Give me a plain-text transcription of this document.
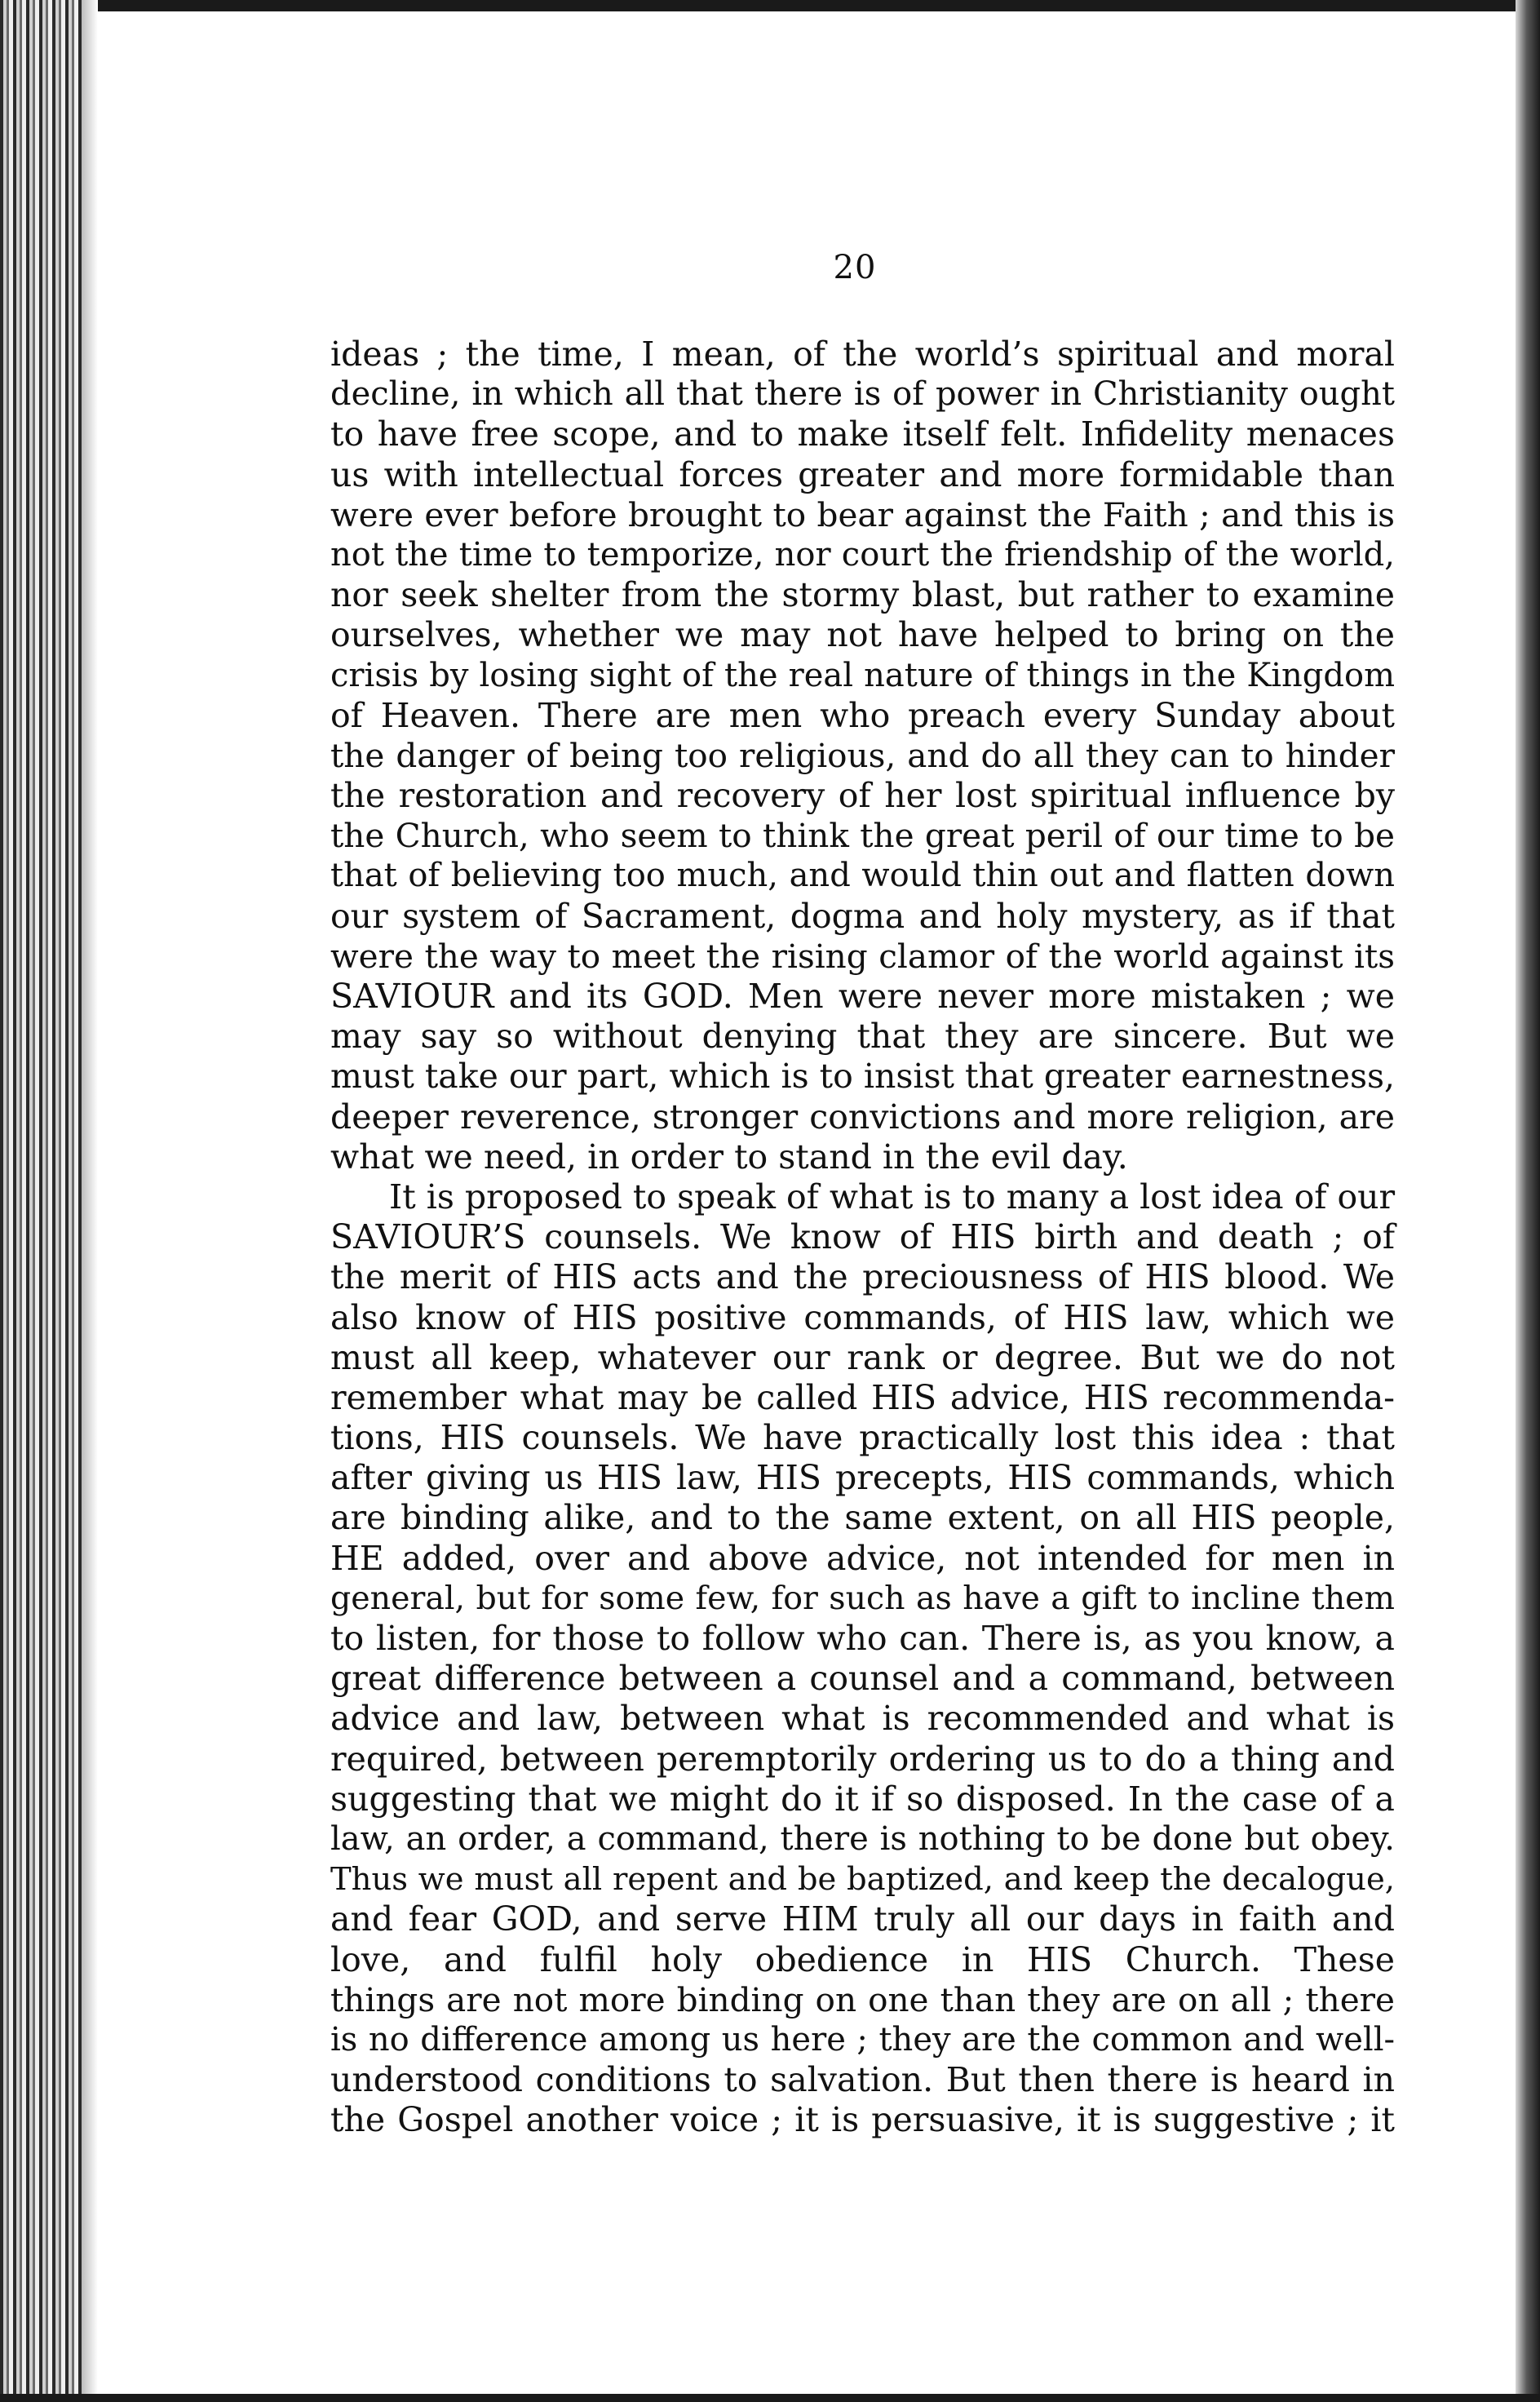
20
ideas ; the time, I mean, of the world’s spiritual and moral
decline, in which all that there is of power in Christianity ought
to have free scope, and to make itself felt. Infidelity menaces
us with intellectual forces greater and more formidable than
were ever before brought to bear against the Faith ; and this is
not the time to temporize, nor court the friendship of the world,
nor seek shelter from the stormy blast, but rather to examine
ourselves, whether we may not have helped to bring on the
crisis by losing sight of the real nature of things in the Kingdom
of Heaven. There are men who preach every Sunday about
the danger of being too religious, and do all they can to hinder
the restoration and recovery of her lost spiritual influence by
the Church, who seem to think the great peril of our time to be
that of believing too much, and would thin out and flatten down
our system of Sacrament, dogma and holy mystery, as if that
were the way to meet the rising clamor of the world against its
SAVIOUR and its GOD. Men were never more mistaken ; we
may say so without denying that they are sincere. But we
must take our part, which is to insist that greater earnestness,
deeper reverence, stronger convictions and more religion, are
what we need, in order to stand in the evil day.
It is proposed to speak of what is to many a lost idea of our
SAVIOUR’S counsels. We know of HIS birth and death ; of
the merit of HIS acts and the preciousness of HIS blood. We
also know of HIS positive commands, of HIS law, which we
must all keep, whatever our rank or degree. But we do not
remember what may be called HIS advice, HIS recommenda-
tions, HIS counsels. We have practically lost this idea : that
after giving us HIS law, HIS precepts, HIS commands, which
are binding alike, and to the same extent, on all HIS people,
HE added, over and above advice, not intended for men in
general, but for some few, for such as have a gift to incline them
to listen, for those to follow who can. There is, as you know, a
great difference between a counsel and a command, between
advice and law, between what is recommended and what is
required, between peremptorily ordering us to do a thing and
suggesting that we might do it if so disposed. In the case of a
law, an order, a command, there is nothing to be done but obey.
Thus we must all repent and be baptized, and keep the decalogue,
and fear GOD, and serve HIM truly all our days in faith and
love, and fulfil holy obedience in HIS Church. These
things are not more binding on one than they are on all ; there
is no difference among us here ; they are the common and well-
understood conditions to salvation. But then there is heard in
the Gospel another voice ; it is persuasive, it is suggestive ; it
